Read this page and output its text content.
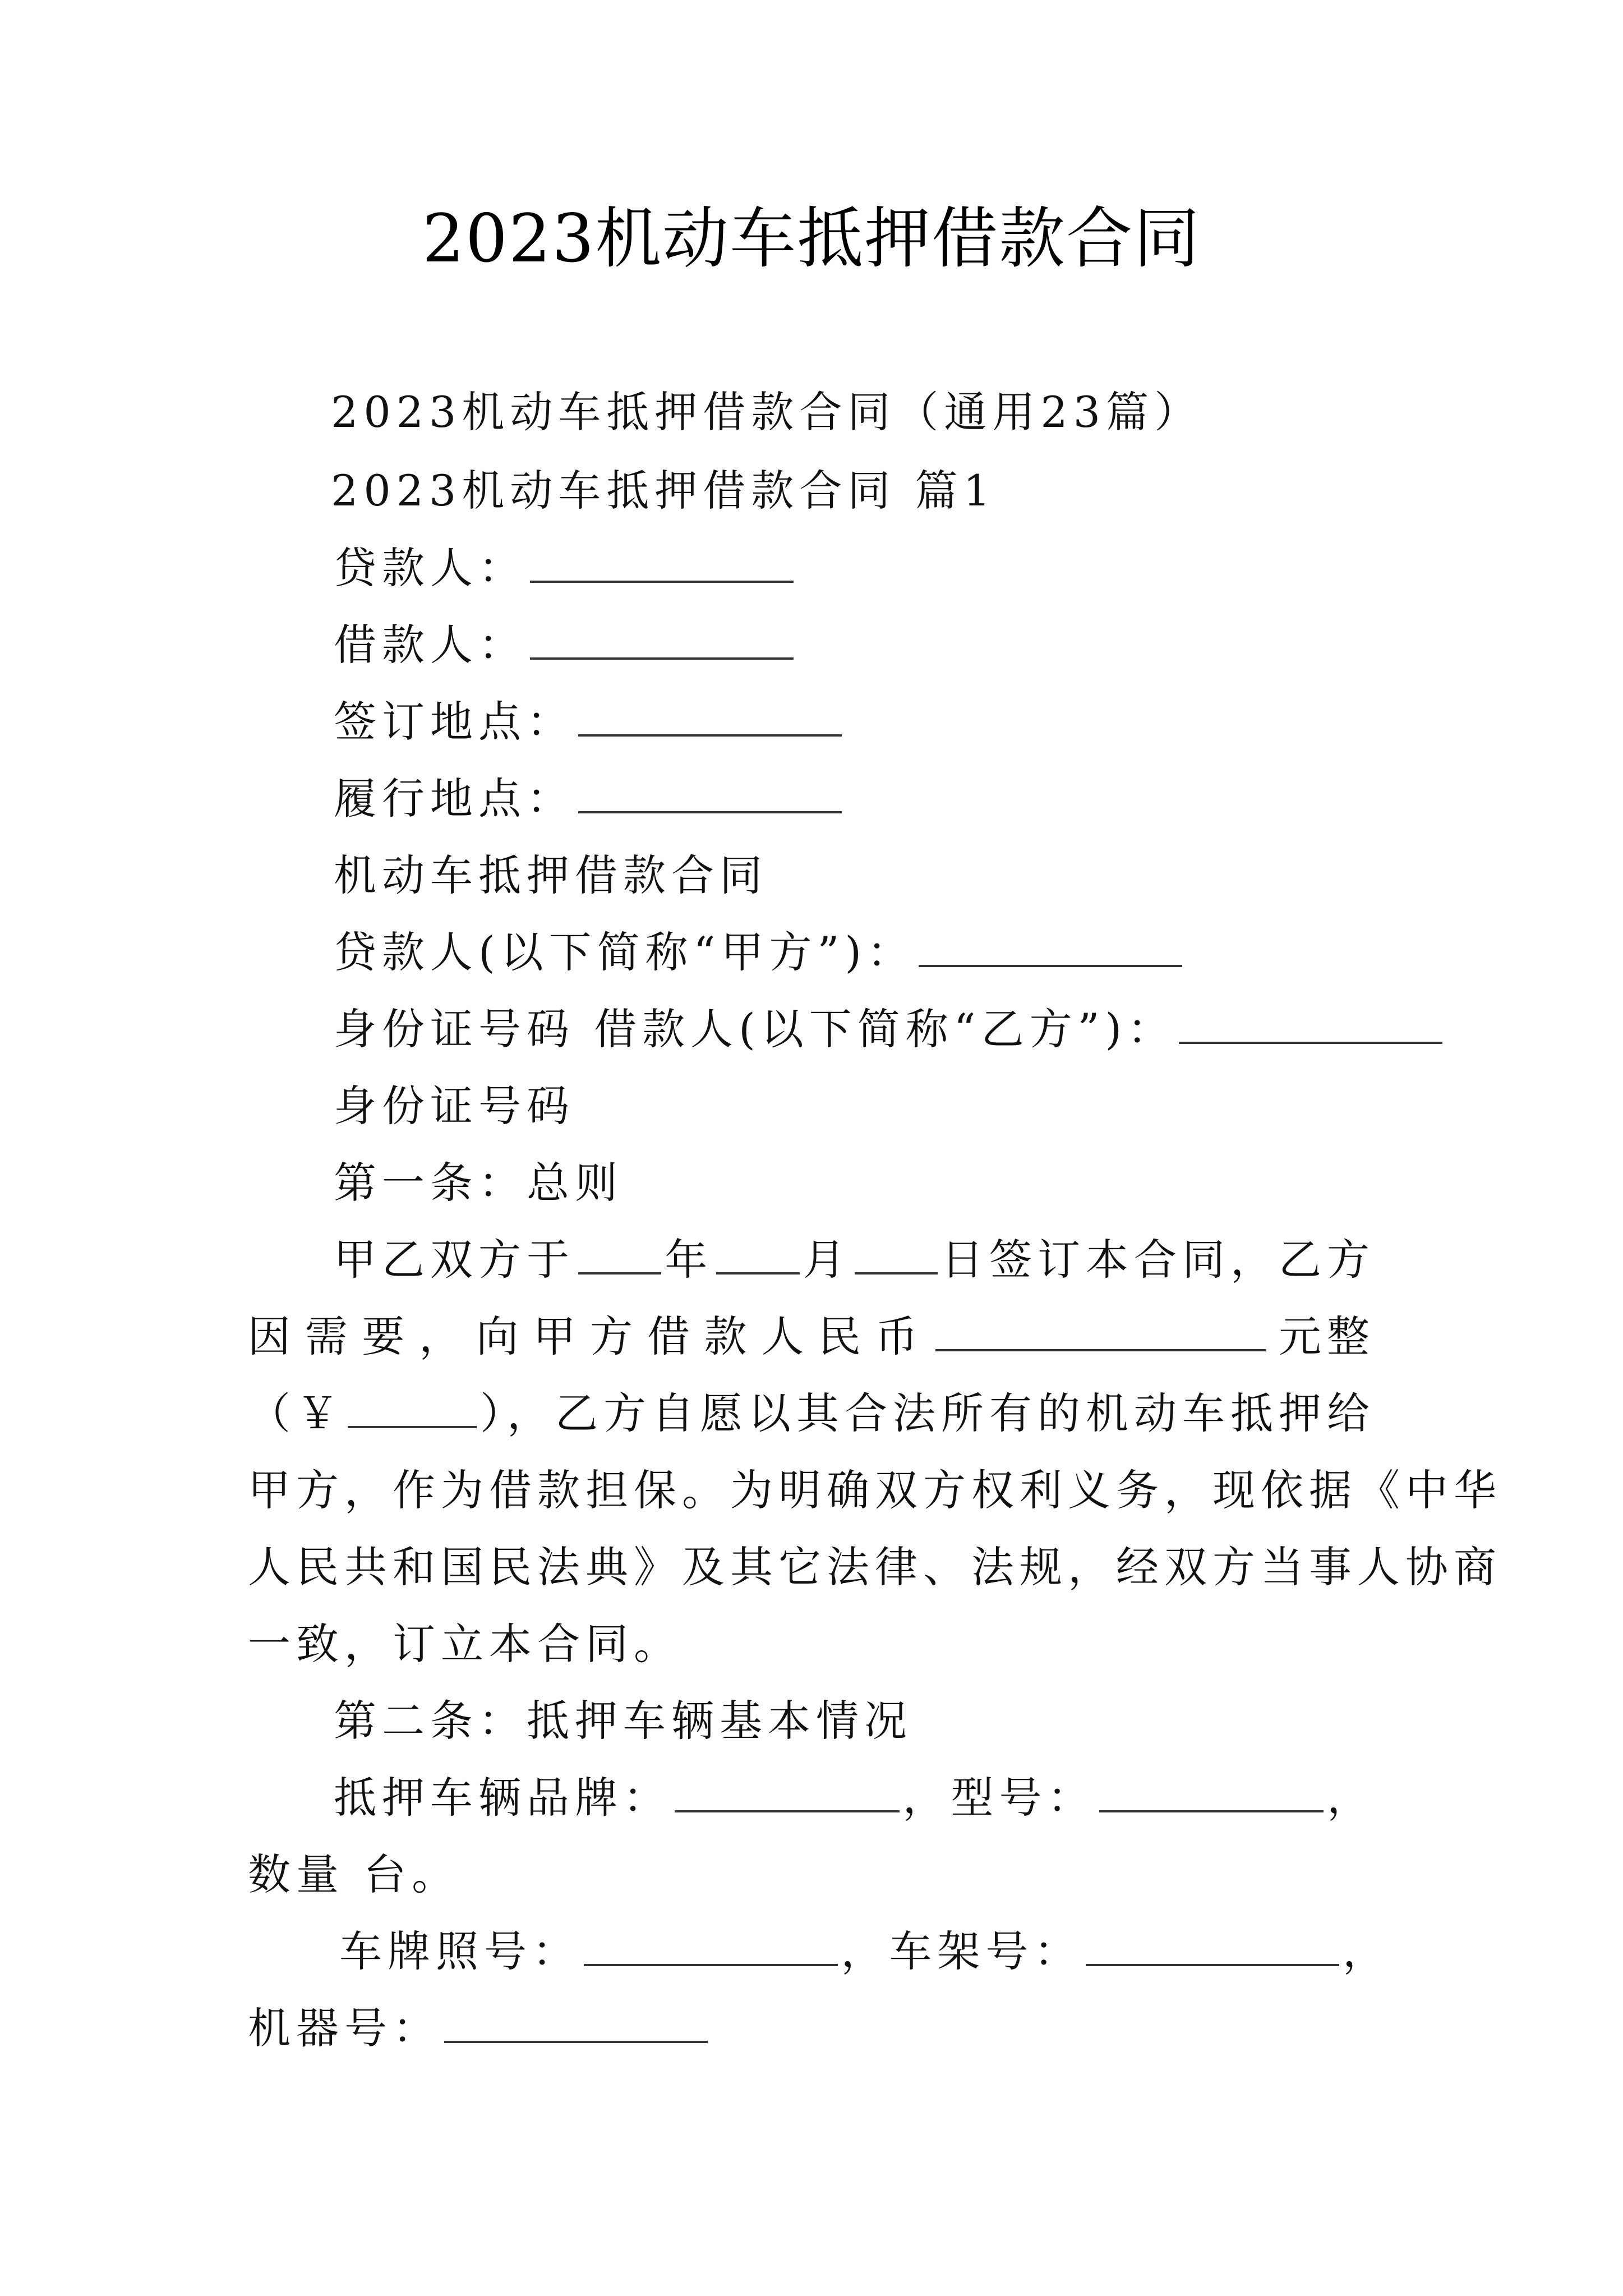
2023机动车抵押借款合同
2023机动车抵押借款合同（通用23篇）
2023机动车抵押借款合同 篇1
贷款人：
借款人：
签订地点：
履行地点：
机动车抵押借款合同
贷款人(以下简称“甲方”)：
身份证号码 借款人(以下简称“乙方”)：
身份证号码
第一条：总则
甲乙双方于 年 月 日签订本合同，乙方
因 需 要 ， 向 甲 方 借 款 人 民 币	元整
（￥	），乙方自愿以其合法所有的机动车抵押给
甲方，作为借款担保。为明确双方权利义务，现依据《中华
人民共和国民法典》及其它法律、法规，经双方当事人协商
一致，订立本合同。
第二条：抵押车辆基本情况
抵押车辆品牌：	，型号：	，
数量 台。
车牌照号：	，车架号：	，
机器号：
